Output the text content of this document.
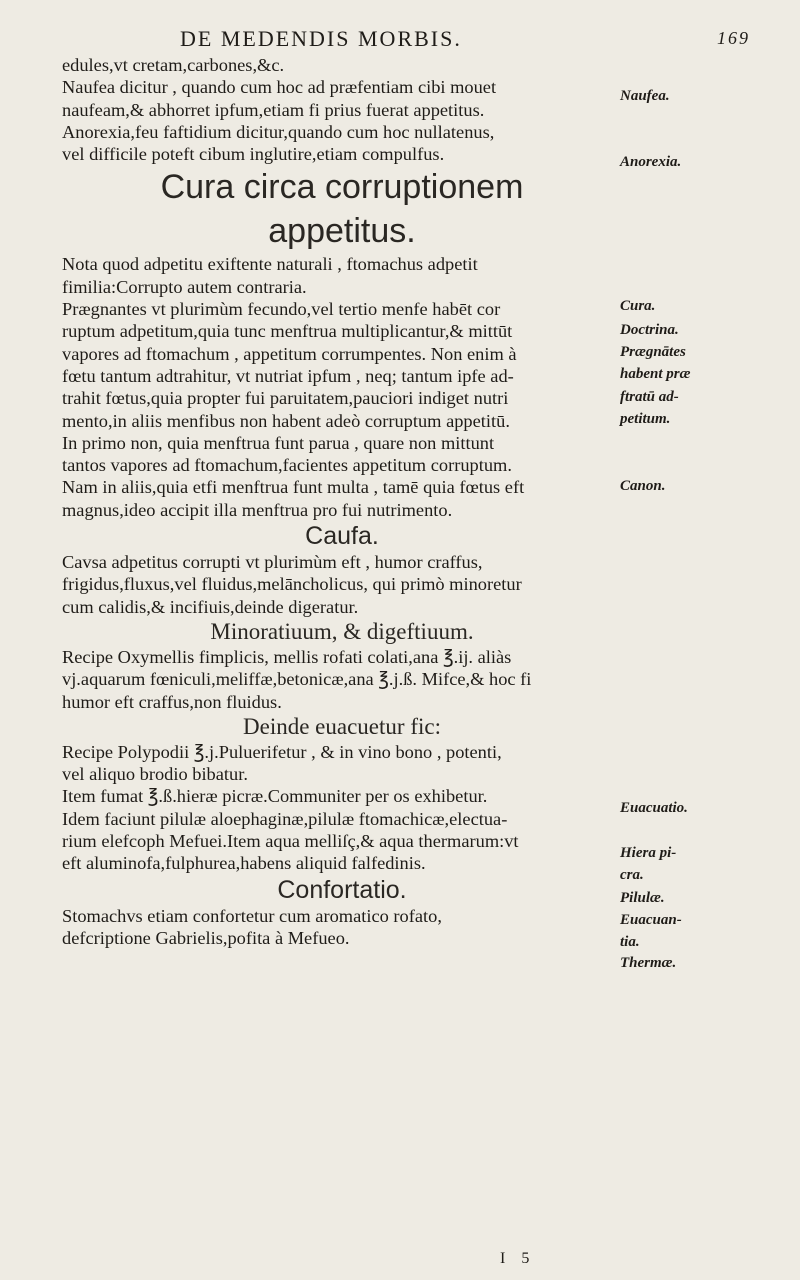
DE MEDENDIS MORBIS.	169
edules,vt cretam,carbones,&c.
Naufea dicitur , quando cum hoc ad præfentiam cibi mouet
naufeam,& abhorret ipfum,etiam fi prius fuerat appetitus.
Anorexia,feu faftidium dicitur,quando cum hoc nullatenus,
vel difficile poteft cibum inglutire,etiam compulfus.
Cura circa corruptionem
appetitus.
Nota quod adpetitu exiftente naturali , ftomachus adpetit
fimilia:Corrupto autem contraria.
Prægnantes vt plurimùm fecundo,vel tertio menfe habēt cor
ruptum adpetitum,quia tunc menftrua multiplicantur,& mittūt
vapores ad ftomachum , appetitum corrumpentes. Non enim à
fœtu tantum adtrahitur, vt nutriat ipfum , neq; tantum ipfe ad-
trahit fœtus,quia propter fui paruitatem,pauciori indiget nutri
mento,in aliis menfibus non habent adeò corruptum appetitū.
In primo non, quia menftrua funt parua , quare non mittunt
tantos vapores ad ftomachum,facientes appetitum corruptum.
Nam in aliis,quia etfi menftrua funt multa , tamē quia fœtus eft
magnus,ideo accipit illa menftrua pro fui nutrimento.
Caufa.
Cavsa adpetitus corrupti vt plurimùm eft , humor craffus,
frigidus,fluxus,vel fluidus,melāncholicus, qui primò minoretur
cum calidis,& incifiuis,deinde digeratur.
Minoratiuum, & digeftiuum.
Recipe Oxymellis fimplicis, mellis rofati colati,ana ℥.ij. aliàs
vj.aquarum fœniculi,meliffæ,betonicæ,ana ℥.j.ß. Mifce,& hoc fi
humor eft craffus,non fluidus.
Deinde euacuetur fic:
Recipe Polypodii ℥.j.Puluerifetur , & in vino bono , potenti,
vel aliquo brodio bibatur.
Item fumat ℥.ß.hieræ picræ.Communiter per os exhibetur.
Idem faciunt pilulæ aloephaginæ,pilulæ ftomachicæ,electua-
rium elefcoph Mefuei.Item aqua melliſç,& aqua thermarum:vt
eft aluminofa,fulphurea,habens aliquid falfedinis.
Confortatio.
Stomachvs etiam confortetur cum aromatico rofato,
defcriptione Gabrielis,pofita à Mefueo.
Naufea.
Anorexia.
Cura.
Doctrina.
Prægnātes
habent præ
ftratū ad-
petitum.
Canon.
Euacuatio.
Hiera pi-
cra.
Pilulæ.
Euacuan-
tia.
Thermæ.
I 5
